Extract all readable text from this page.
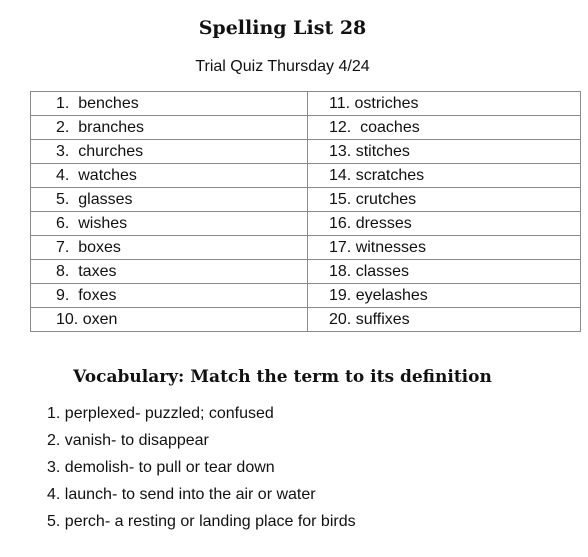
Spelling List 28
Trial Quiz Thursday 4/24
1.  benches	11. ostriches
2.  branches	12.  coaches
3.  churches	13. stitches
4.  watches	14. scratches
5.  glasses	15. crutches
6.  wishes	16. dresses
7.  boxes	17. witnesses
8.  taxes	18. classes
9.  foxes	19. eyelashes
10. oxen	20. suffixes
Vocabulary: Match the term to its definition
1. perplexed- puzzled; confused
2. vanish- to disappear
3. demolish- to pull or tear down
4. launch- to send into the air or water
5. perch- a resting or landing place for birds
